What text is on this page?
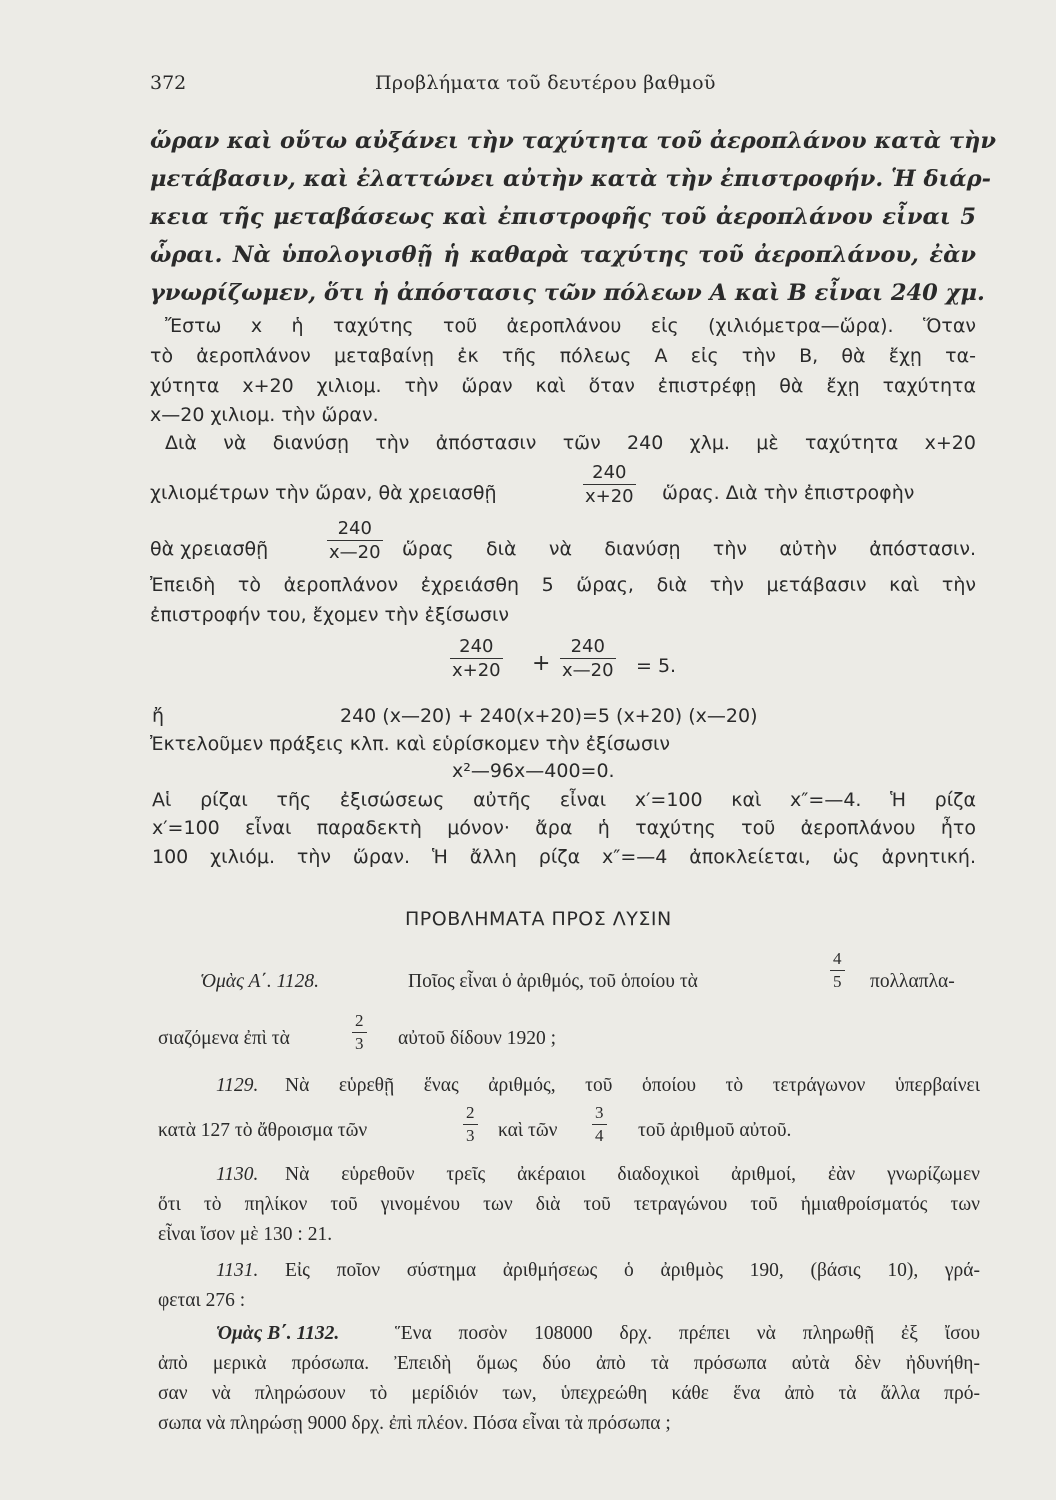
372	Προβλήματα τοῦ δευτέρου βαθμοῦ
ὥραν καὶ οὕτω αὐξάνει τὴν ταχύτητα τοῦ ἀεροπλάνου κατὰ τὴν
μετάβασιν, καὶ ἐλαττώνει αὐτὴν κατὰ τὴν ἐπιστροφήν. Ἡ διάρ-
κεια τῆς μεταβάσεως καὶ ἐπιστροφῆς τοῦ ἀεροπλάνου εἶναι 5
ὧραι. Νὰ ὑπολογισθῇ ἡ καθαρὰ ταχύτης τοῦ ἀεροπλάνου, ἐὰν
γνωρίζωμεν, ὅτι ἡ ἀπόστασις τῶν πόλεων A καὶ B εἶναι 240 χμ.
Ἔστω x ἡ ταχύτης τοῦ ἀεροπλάνου εἰς (χιλιόμετρα—ὥρα). Ὅταν
τὸ ἀεροπλάνον μεταβαίνῃ ἐκ τῆς πόλεως A εἰς τὴν B, θὰ ἔχῃ τα-
χύτητα x+20 χιλιομ. τὴν ὥραν καὶ ὅταν ἐπιστρέφῃ θὰ ἔχῃ ταχύτητα
x—20 χιλιομ. τὴν ὥραν.
Διὰ νὰ διανύσῃ τὴν ἀπόστασιν τῶν 240 χλμ. μὲ ταχύτητα x+20
χιλιομέτρων τὴν ὥραν, θὰ χρειασθῇ	$\frac{240}{x+20}$ ὥρας. Διὰ τὴν ἐπιστροφὴν
θὰ χρειασθῇ	$\frac{240}{x—20}$ ὥρας διὰ νὰ διανύσῃ τὴν αὐτὴν ἀπόστασιν.
Ἐπειδὴ τὸ ἀεροπλάνον ἐχρειάσθη 5 ὥρας, διὰ τὴν μετάβασιν καὶ τὴν
ἐπιστροφήν του, ἔχομεν τὴν ἐξίσωσιν
$\frac{240}{x+20} + \frac{240}{x—20} = 5$.
ἤ	240 (x—20) + 240(x+20)=5 (x+20) (x—20)
Ἐκτελοῦμεν πράξεις κλπ. καὶ εὑρίσκομεν τὴν ἐξίσωσιν
x²—96x—400=0.
Αἱ ρίζαι τῆς ἐξισώσεως αὐτῆς εἶναι x′=100 καὶ x″=—4. Ἡ ρίζα
x′=100 εἶναι παραδεκτὴ μόνον· ἄρα ἡ ταχύτης τοῦ ἀεροπλάνου ἦτο
100 χιλιόμ. τὴν ὥραν. Ἡ ἄλλη ρίζα x″=—4 ἀποκλείεται, ὡς ἀρνητική.
ΠΡΟΒΛΗΜΑΤΑ ΠΡΟΣ ΛΥΣΙΝ
Ὁμὰς Α΄. 1128.	Ποῖος εἶναι ὁ ἀριθμός, τοῦ ὁποίου τὰ	$\frac{4}{5} \pi o\lambda\lambda\alpha\pi\lambda\alpha-$
σιαζόμενα ἐπὶ τὰ	$\frac{2}{3}$ αὐτοῦ δίδουν 1920 ;
1129. Νὰ εὑρεθῇ ἕνας ἀριθμός, τοῦ ὁποίου τὸ τετράγωνον ὑπερβαίνει
κατὰ 127 τὸ ἄθροισμα τῶν	$\frac{2}{3}$ καὶ τῶν $\frac{3}{4}$ τοῦ ἀριθμοῦ αὐτοῦ.
1130. Νὰ εὑρεθοῦν τρεῖς ἀκέραιοι διαδοχικοὶ ἀριθμοί, ἐὰν γνωρίζωμεν
ὅτι τὸ πηλίκον τοῦ γινομένου των διὰ τοῦ τετραγώνου τοῦ ἡμιαθροίσματός των
εἶναι ἴσον μὲ 130 : 21.
1131. Εἰς ποῖον σύστημα ἀριθμήσεως ὁ ἀριθμὸς 190, (βάσις 10), γρά-
φεται 276 :
Ὁμὰς Β΄. 1132.	Ἕνα ποσὸν 108000 δρχ. πρέπει νὰ πληρωθῇ ἐξ ἴσου
ἀπὸ μερικὰ πρόσωπα. Ἐπειδὴ ὅμως δύο ἀπὸ τὰ πρόσωπα αὐτὰ δὲν ἠδυνήθη-
σαν νὰ πληρώσουν τὸ μερίδιόν των, ὑπεχρεώθη κάθε ἕνα ἀπὸ τὰ ἄλλα πρό-
σωπα νὰ πληρώσῃ 9000 δρχ. ἐπὶ πλέον. Πόσα εἶναι τὰ πρόσωπα ;
